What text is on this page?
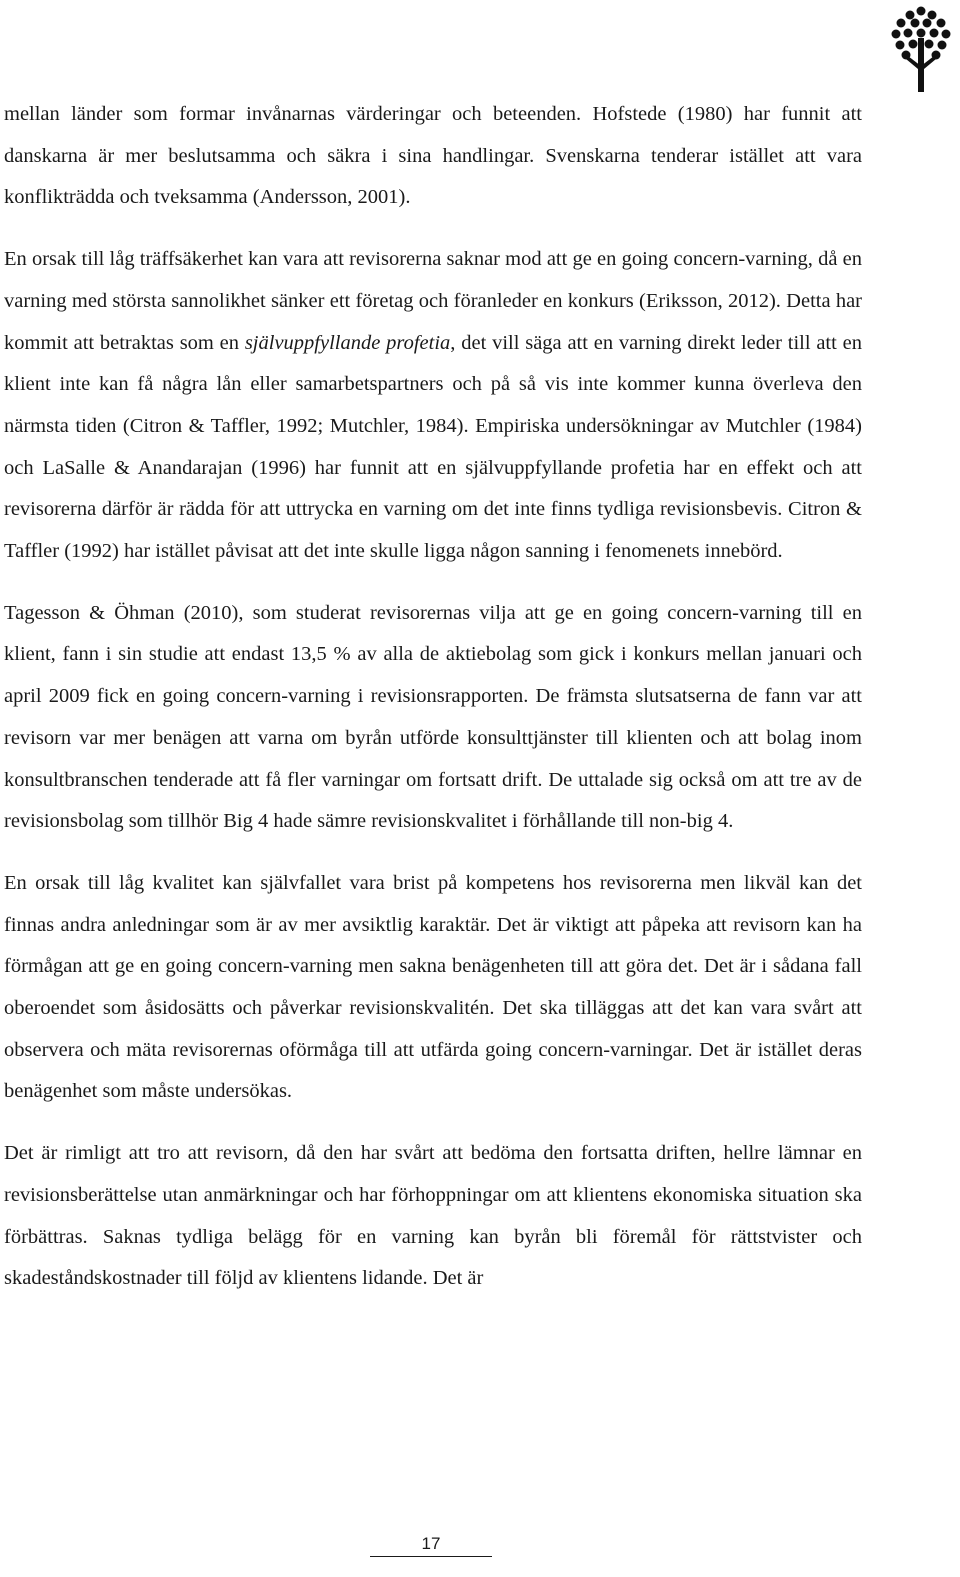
mellan länder som formar invånarnas värderingar och beteenden. Hofstede (1980) har funnit att danskarna är mer beslutsamma och säkra i sina handlingar. Svenskarna tenderar istället att vara konflikträdda och tveksamma (Andersson, 2001).

En orsak till låg träffsäkerhet kan vara att revisorerna saknar mod att ge en going concern-varning, då en varning med största sannolikhet sänker ett företag och föranleder en konkurs (Eriksson, 2012). Detta har kommit att betraktas som en självuppfyllande profetia, det vill säga att en varning direkt leder till att en klient inte kan få några lån eller samarbetspartners och på så vis inte kommer kunna överleva den närmsta tiden (Citron & Taffler, 1992; Mutchler, 1984). Empiriska undersökningar av Mutchler (1984) och LaSalle & Anandarajan (1996) har funnit att en självuppfyllande profetia har en effekt och att revisorerna därför är rädda för att uttrycka en varning om det inte finns tydliga revisionsbevis. Citron & Taffler (1992) har istället påvisat att det inte skulle ligga någon sanning i fenomenets innebörd.

Tagesson & Öhman (2010), som studerat revisorernas vilja att ge en going concern-varning till en klient, fann i sin studie att endast 13,5 % av alla de aktiebolag som gick i konkurs mellan januari och april 2009 fick en going concern-varning i revisionsrapporten. De främsta slutsatserna de fann var att revisorn var mer benägen att varna om byrån utförde konsulttjänster till klienten och att bolag inom konsultbranschen tenderade att få fler varningar om fortsatt drift. De uttalade sig också om att tre av de revisionsbolag som tillhör Big 4 hade sämre revisionskvalitet i förhållande till non-big 4.

En orsak till låg kvalitet kan självfallet vara brist på kompetens hos revisorerna men likväl kan det finnas andra anledningar som är av mer avsiktlig karaktär. Det är viktigt att påpeka att revisorn kan ha förmågan att ge en going concern-varning men sakna benägenheten till att göra det. Det är i sådana fall oberoendet som åsidosätts och påverkar revisionskvalitén. Det ska tilläggas att det kan vara svårt att observera och mäta revisorernas oförmåga till att utfärda going concern-varningar. Det är istället deras benägenhet som måste undersökas.

Det är rimligt att tro att revisorn, då den har svårt att bedöma den fortsatta driften, hellre lämnar en revisionsberättelse utan anmärkningar och har förhoppningar om att klientens ekonomiska situation ska förbättras. Saknas tydliga belägg för en varning kan byrån bli föremål för rättstvister och skadeståndskostnader till följd av klientens lidande. Det är

17
